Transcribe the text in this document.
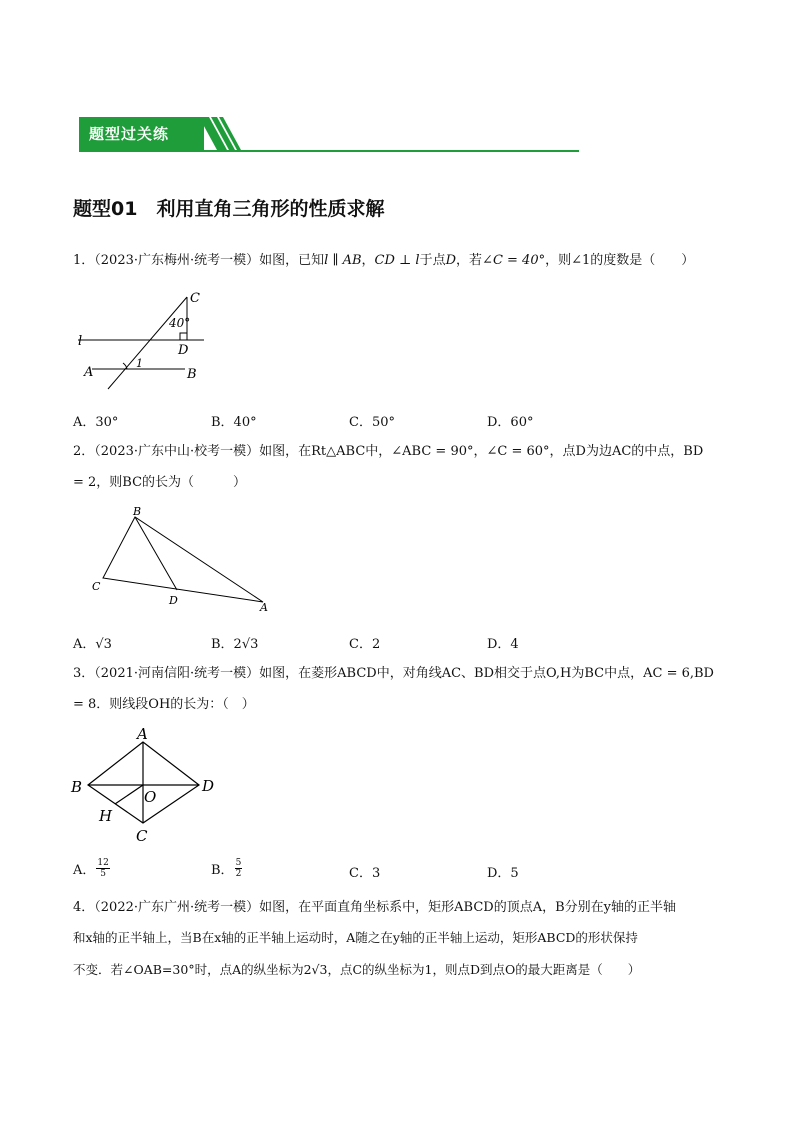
题型过关练
题型01　利用直角三角形的性质求解
1．（2023·广东梅州·统考一模）如图，已知l ∥ AB，CD ⊥ l于点D，若∠C = 40°，则∠1的度数是（　　）
C
40°
D
l
A	B
1
A．30°	B．40°	C．50°	D．60°
2．（2023·广东中山·校考一模）如图，在Rt△ABC中，∠ABC = 90°，∠C = 60°，点D为边AC的中点，BD
= 2，则BC的长为（　　　）
B
C
D
A
A．√3	B．2√3	C．2	D．4
3．（2021·河南信阳·统考一模）如图，在菱形ABCD中，对角线AC、BD相交于点O,H为BC中点，AC = 6,BD
= 8．则线段OH的长为：（　）
A
B	D
O
H
C
A． $\frac{12}{5}$	B． $\frac{5}{2}$	C．3	D．5
4．（2022·广东广州·统考一模）如图，在平面直角坐标系中，矩形ABCD的顶点A，B分别在y轴的正半轴
和x轴的正半轴上，当B在x轴的正半轴上运动时，A随之在y轴的正半轴上运动，矩形ABCD的形状保持
不变．若∠OAB=30°时，点A的纵坐标为2√3，点C的纵坐标为1，则点D到点O的最大距离是（　　）
